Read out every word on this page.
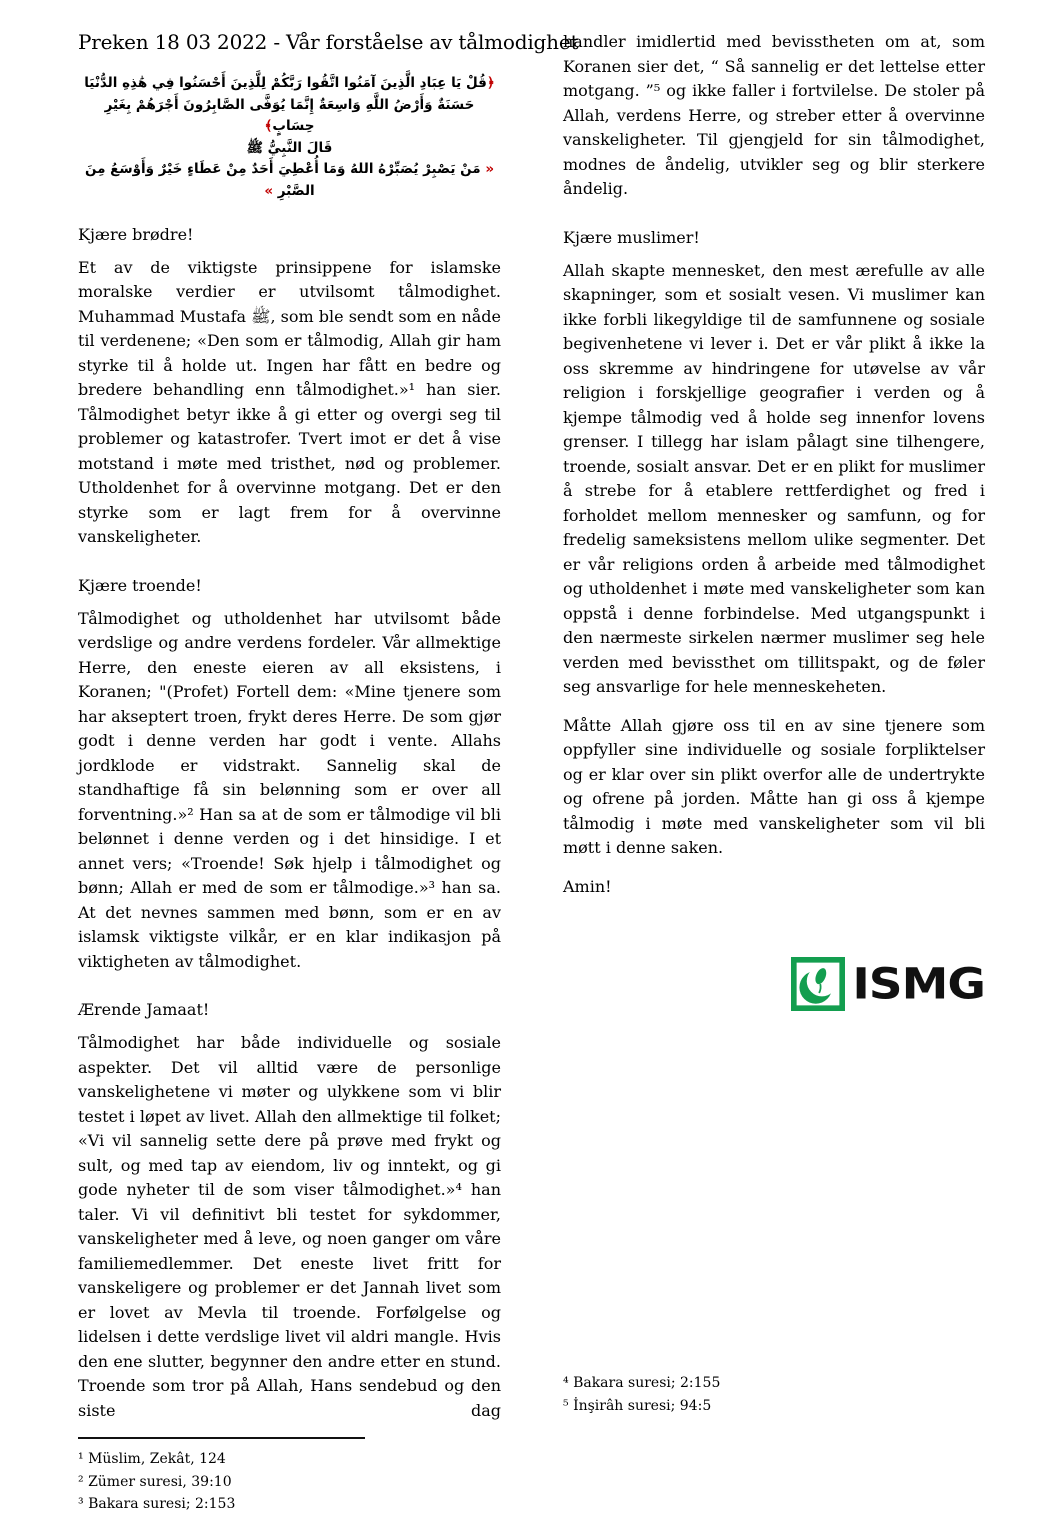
Preken 18 03 2022 - Vår forståelse av tålmodighet

﴿قُلْ يَا عِبَادِ الَّذِينَ آمَنُوا اتَّقُوا رَبَّكُمْ لِلَّذِينَ أَحْسَنُوا فِي هَٰذِهِ الدُّنْيَا حَسَنَةٌ وَأَرْضُ اللَّهِ وَاسِعَةٌ إِنَّمَا يُوَفَّى الصَّابِرُونَ أَجْرَهُمْ بِغَيْرِ حِسَابٍ﴾

قَالَ النَّبِيُّ ﷺ

« مَنْ يَصْبِرْ يُصَبِّرْهُ اللهُ وَمَا أُعْطِيَ أَحَدٌ مِنْ عَطَاءٍ خَيْرٌ وَأَوْسَعُ مِنَ الصَّبْرِ »

Kjære brødre!

Et av de viktigste prinsippene for islamske moralske verdier er utvilsomt tålmodighet. Muhammad Mustafa ﷺ, som ble sendt som en nåde til verdenene; «Den som er tålmodig, Allah gir ham styrke til å holde ut. Ingen har fått en bedre og bredere behandling enn tålmodighet.»¹ han sier. Tålmodighet betyr ikke å gi etter og overgi seg til problemer og katastrofer. Tvert imot er det å vise motstand i møte med tristhet, nød og problemer. Utholdenhet for å overvinne motgang. Det er den styrke som er lagt frem for å overvinne vanskeligheter.

Kjære troende!

Tålmodighet og utholdenhet har utvilsomt både verdslige og andre verdens fordeler. Vår allmektige Herre, den eneste eieren av all eksistens, i Koranen; "(Profet) Fortell dem: «Mine tjenere som har akseptert troen, frykt deres Herre. De som gjør godt i denne verden har godt i vente. Allahs jordklode er vidstrakt. Sannelig skal de standhaftige få sin belønning som er over all forventning.»² Han sa at de som er tålmodige vil bli belønnet i denne verden og i det hinsidige. I et annet vers; «Troende! Søk hjelp i tålmodighet og bønn; Allah er med de som er tålmodige.»³ han sa. At det nevnes sammen med bønn, som er en av islamsk viktigste vilkår, er en klar indikasjon på viktigheten av tålmodighet.

Ærende Jamaat!

Tålmodighet har både individuelle og sosiale aspekter. Det vil alltid være de personlige vanskelighetene vi møter og ulykkene som vi blir testet i løpet av livet. Allah den allmektige til folket; «Vi vil sannelig sette dere på prøve med frykt og sult, og med tap av eiendom, liv og inntekt, og gi gode nyheter til de som viser tålmodighet.»⁴ han taler. Vi vil definitivt bli testet for sykdommer, vanskeligheter med å leve, og noen ganger om våre familiemedlemmer. Det eneste livet fritt for vanskeligere og problemer er det Jannah livet som er lovet av Mevla til troende. Forfølgelse og lidelsen i dette verdslige livet vil aldri mangle. Hvis den ene slutter, begynner den andre etter en stund. Troende som tror på Allah, Hans sendebud og den siste dag

¹ Müslim, Zekât, 124

² Zümer suresi, 39:10

³ Bakara suresi; 2:153

handler imidlertid med bevisstheten om at, som Koranen sier det, “ Så sannelig er det lettelse etter motgang. ”⁵ og ikke faller i fortvilelse. De stoler på Allah, verdens Herre, og streber etter å overvinne vanskeligheter. Til gjengjeld for sin tålmodighet, modnes de åndelig, utvikler seg og blir sterkere åndelig.

Kjære muslimer!

Allah skapte mennesket, den mest ærefulle av alle skapninger, som et sosialt vesen. Vi muslimer kan ikke forbli likegyldige til de samfunnene og sosiale begivenhetene vi lever i. Det er vår plikt å ikke la oss skremme av hindringene for utøvelse av vår religion i forskjellige geografier i verden og å kjempe tålmodig ved å holde seg innenfor lovens grenser. I tillegg har islam pålagt sine tilhengere, troende, sosialt ansvar. Det er en plikt for muslimer å strebe for å etablere rettferdighet og fred i forholdet mellom mennesker og samfunn, og for fredelig sameksistens mellom ulike segmenter. Det er vår religions orden å arbeide med tålmodighet og utholdenhet i møte med vanskeligheter som kan oppstå i denne forbindelse. Med utgangspunkt i den nærmeste sirkelen nærmer muslimer seg hele verden med bevissthet om tillitspakt, og de føler seg ansvarlige for hele menneskeheten.

Måtte Allah gjøre oss til en av sine tjenere som oppfyller sine individuelle og sosiale forpliktelser og er klar over sin plikt overfor alle de undertrykte og ofrene på jorden. Måtte han gi oss å kjempe tålmodig i møte med vanskeligheter som vil bli møtt i denne saken.

Amin!

ISMG

⁴ Bakara suresi; 2:155

⁵ İnşirâh suresi; 94:5
